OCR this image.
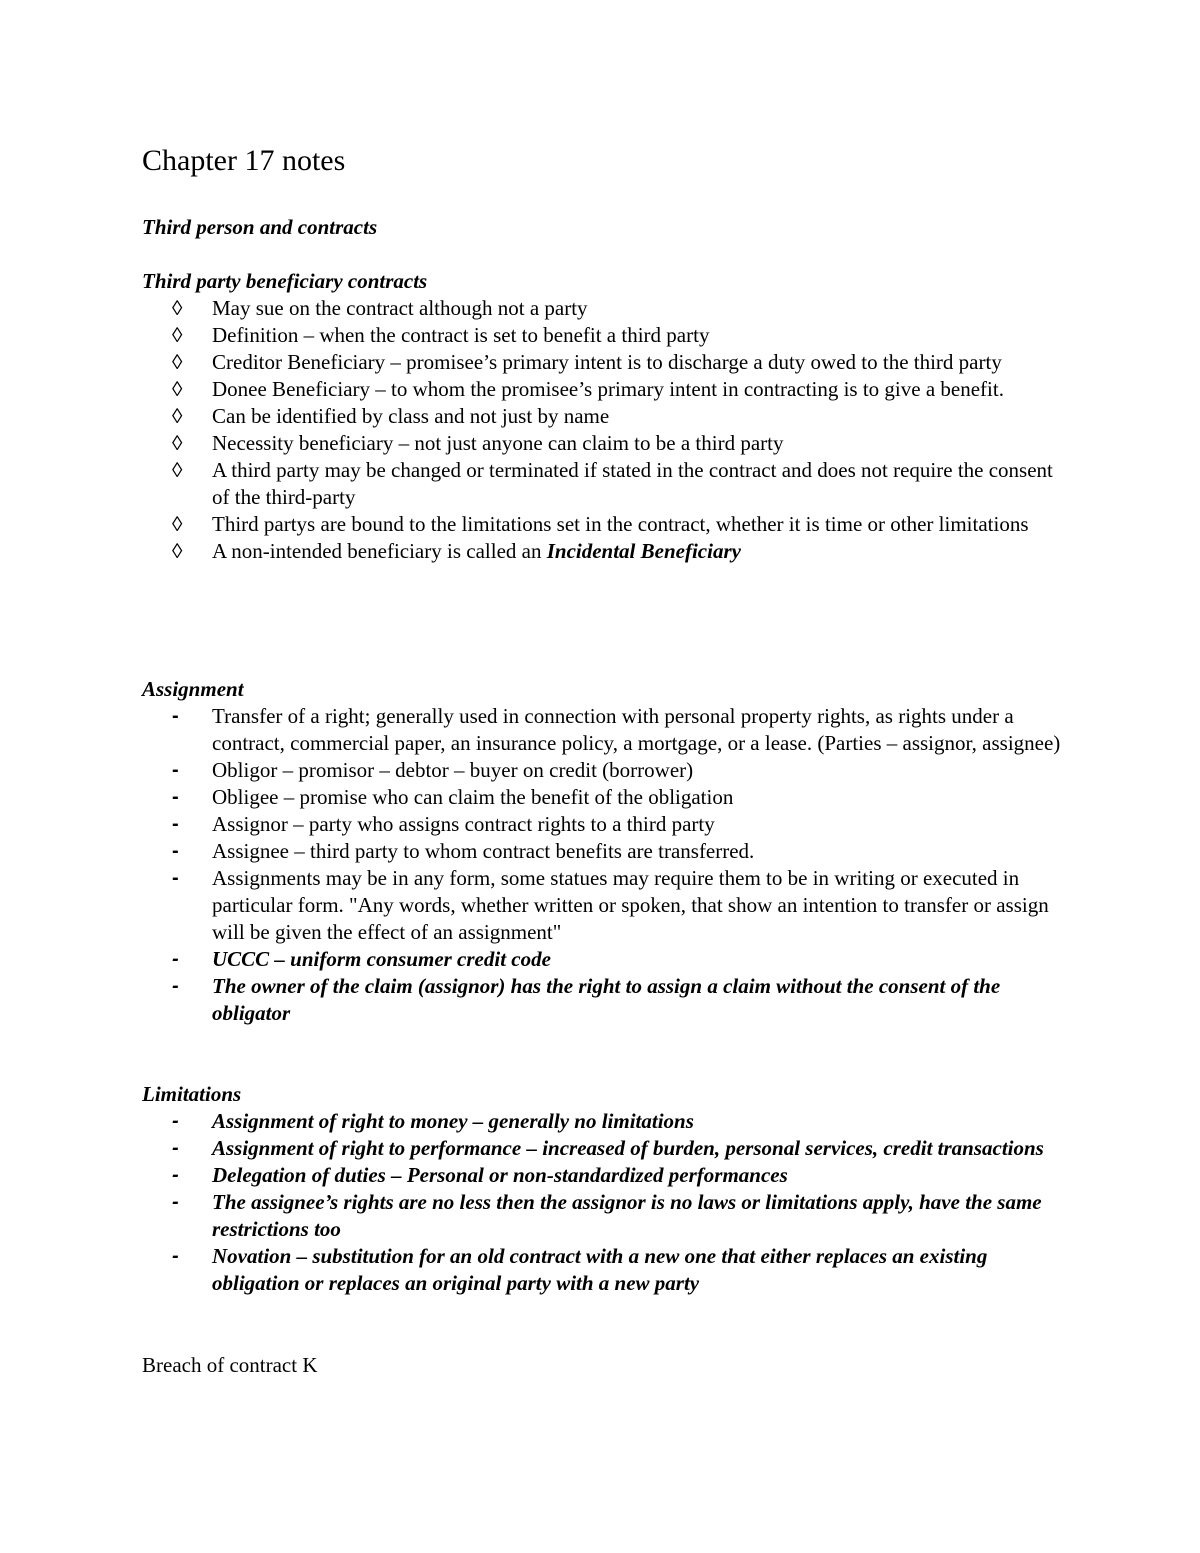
Chapter 17 notes
Third person and contracts
Third party beneficiary contracts
◊	May sue on the contract although not a party
◊	Definition – when the contract is set to benefit a third party
◊	Creditor Beneficiary – promisee’s primary intent is to discharge a duty owed to the third party
◊	Donee Beneficiary – to whom the promisee’s primary intent in contracting is to give a benefit.
◊	Can be identified by class and not just by name
◊	Necessity beneficiary – not just anyone can claim to be a third party
◊	A third party may be changed or terminated if stated in the contract and does not require the consent of the third-party
◊	Third partys are bound to the limitations set in the contract, whether it is time or other limitations
◊	A non-intended beneficiary is called an Incidental Beneficiary
Assignment
-	Transfer of a right; generally used in connection with personal property rights, as rights under a contract, commercial paper, an insurance policy, a mortgage, or a lease. (Parties – assignor, assignee)
-	Obligor – promisor – debtor – buyer on credit (borrower)
-	Obligee – promise who can claim the benefit of the obligation
-	Assignor – party who assigns contract rights to a third party
-	Assignee – third party to whom contract benefits are transferred.
-	Assignments may be in any form, some statues may require them to be in writing or executed in particular form. "Any words, whether written or spoken, that show an intention to transfer or assign will be given the effect of an assignment"
-	UCCC – uniform consumer credit code
-	The owner of the claim (assignor) has the right to assign a claim without the consent of the obligator
Limitations
-	Assignment of right to money – generally no limitations
-	Assignment of right to performance – increased of burden, personal services, credit transactions
-	Delegation of duties – Personal or non-standardized performances
-	The assignee’s rights are no less then the assignor is no laws or limitations apply, have the same restrictions too
-	Novation – substitution for an old contract with a new one that either replaces an existing obligation or replaces an original party with a new party

Breach of contract K
